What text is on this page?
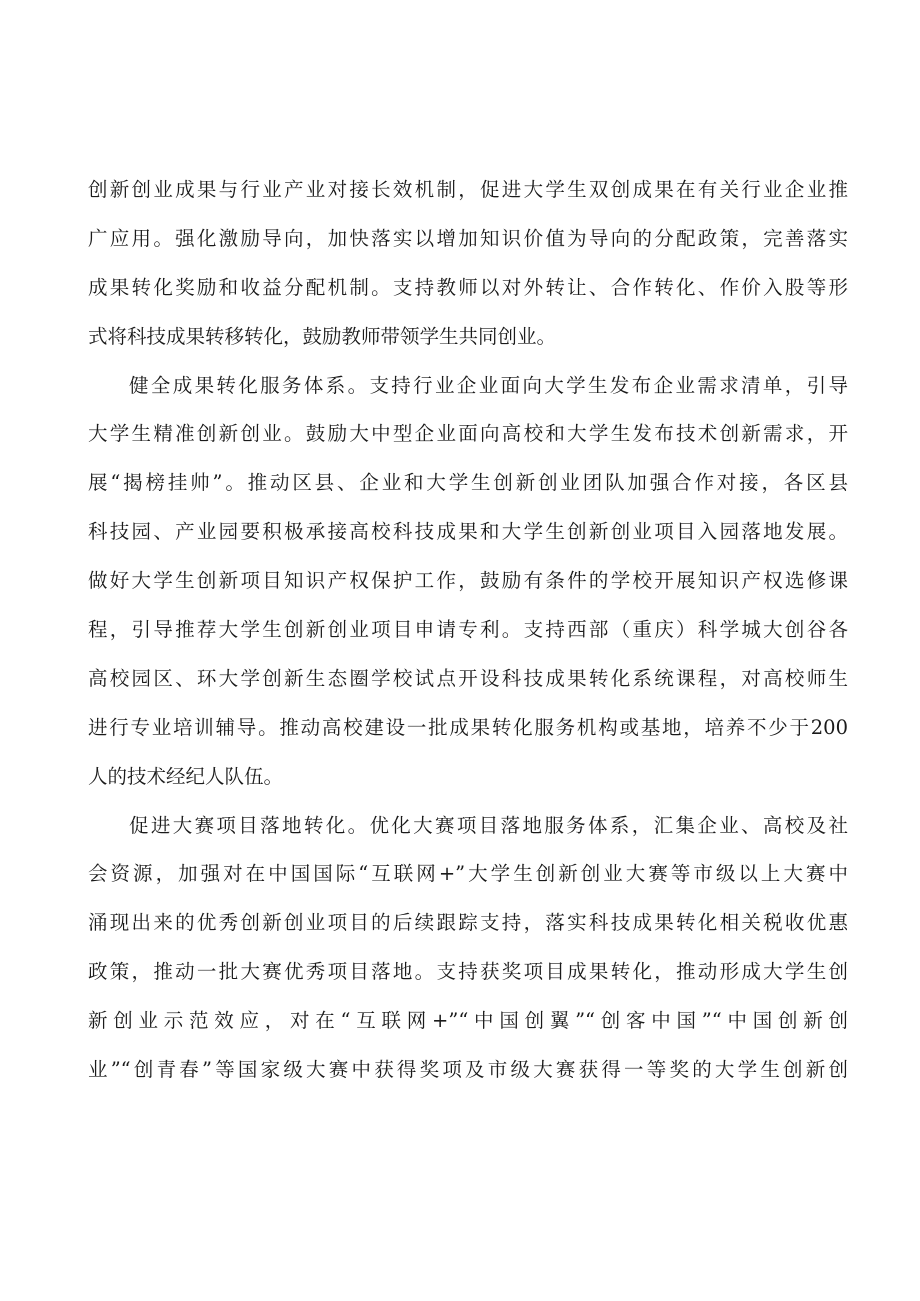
创新创业成果与行业产业对接长效机制，促进大学生双创成果在有关行业企业推
广应用。强化激励导向，加快落实以增加知识价值为导向的分配政策，完善落实
成果转化奖励和收益分配机制。支持教师以对外转让、合作转化、作价入股等形
式将科技成果转移转化，鼓励教师带领学生共同创业。
健全成果转化服务体系。支持行业企业面向大学生发布企业需求清单，引导
大学生精准创新创业。鼓励大中型企业面向高校和大学生发布技术创新需求，开
展“揭榜挂帅”。推动区县、企业和大学生创新创业团队加强合作对接，各区县
科技园、产业园要积极承接高校科技成果和大学生创新创业项目入园落地发展。
做好大学生创新项目知识产权保护工作，鼓励有条件的学校开展知识产权选修课
程，引导推荐大学生创新创业项目申请专利。支持西部（重庆）科学城大创谷各
高校园区、环大学创新生态圈学校试点开设科技成果转化系统课程，对高校师生
进行专业培训辅导。推动高校建设一批成果转化服务机构或基地，培养不少于200
人的技术经纪人队伍。
促进大赛项目落地转化。优化大赛项目落地服务体系，汇集企业、高校及社
会资源，加强对在中国国际“互联网+”大学生创新创业大赛等市级以上大赛中
涌现出来的优秀创新创业项目的后续跟踪支持，落实科技成果转化相关税收优惠
政策，推动一批大赛优秀项目落地。支持获奖项目成果转化，推动形成大学生创
新创业示范效应，对在“互联网+”“中国创翼”“创客中国”“中国创新创
业”“创青春”等国家级大赛中获得奖项及市级大赛获得一等奖的大学生创新创
